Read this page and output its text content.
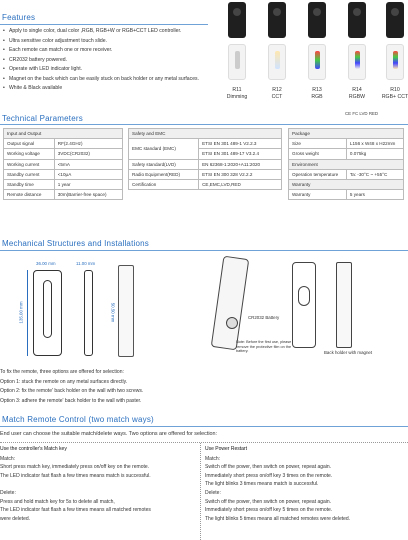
Features
• Apply to single color, dual color ,RGB, RGB+W or RGB+CCT LED controller.
• Ultra sensitive color adjustment touch slide.
• Each remote can match one or more receiver.
• CR2032 battery powered.
• Operate with LED indicator light.
• Magnet on the back which can be easily stuck on back holder or any metal surfaces.
• White & Black available	R11
Dimming
R12
CCT
R13
RGB
R14
RGBW
R10
RGB+ CCT
Technical Parameters
CE FC LVD RED
Input and Output	
Output signal	RF(2.4GHz)
Working voltage	3VDC(CR2032)
Working current	<5mA
Standby current	<10μA
Standby time	1 year
Remote distance	30m(Barrier-free space)
Safety and EMC	
EMC standard (EMC)	ETSI EN 301 489-1 V2.2.3
	ETSI EN 301 489-17 V3.2.4
Safety standard(LVD)	EN 62368-1:2020+A11:2020
Radio Equipment(RED)	ETSI EN 300 328 V2.2.2
Certification	CE,EMC,LVD,RED
Package	
Size	L156 x W48 x H22mm
Gross weight	0.075kg
Environment	
Operation temperature	Ta: -30°C ~ +55°C
Warranty	
Warranty	5 years
Mechanical Structures and Installations
36.00 mm
135.00 mm
11.00 mm
50.50 mm	CR2032 Battery
Note: Before the first use, please remove the protective film on the battery.	Back holder with magnet
To fix the remote, three options are offered for selection:
Option 1: stuck the remote on any metal surfaces directly.
Option 2: fix the remote' back holder on the wall with two screws.
Option 3: adhere the remote' back holder to the wall with paster.
Match Remote Control (two match ways)
End user can choose the suitable match/delete ways. Two options are offered for selection:
Use the controller's Match key
Match:
Short press match key, immediately press on/off key on the remote.
The LED indicator fast flash a few times means match is successful.
Delete:
Press and hold match key for 5s to delete all match,
The LED indicator fast flash a few times means all matched remotes
were deleted.
Use Power Restart
Match:
Switch off the power, then switch on power, repeat again.
Immediately short press on/off key 3 times on the remote.
The light blinks 3 times means match is successful.
Delete:
Switch off the power, then switch on power, repeat again.
Immediately short press on/off key 5 times on the remote.
The light blinks 5 times means all matched remotes were deleted.
